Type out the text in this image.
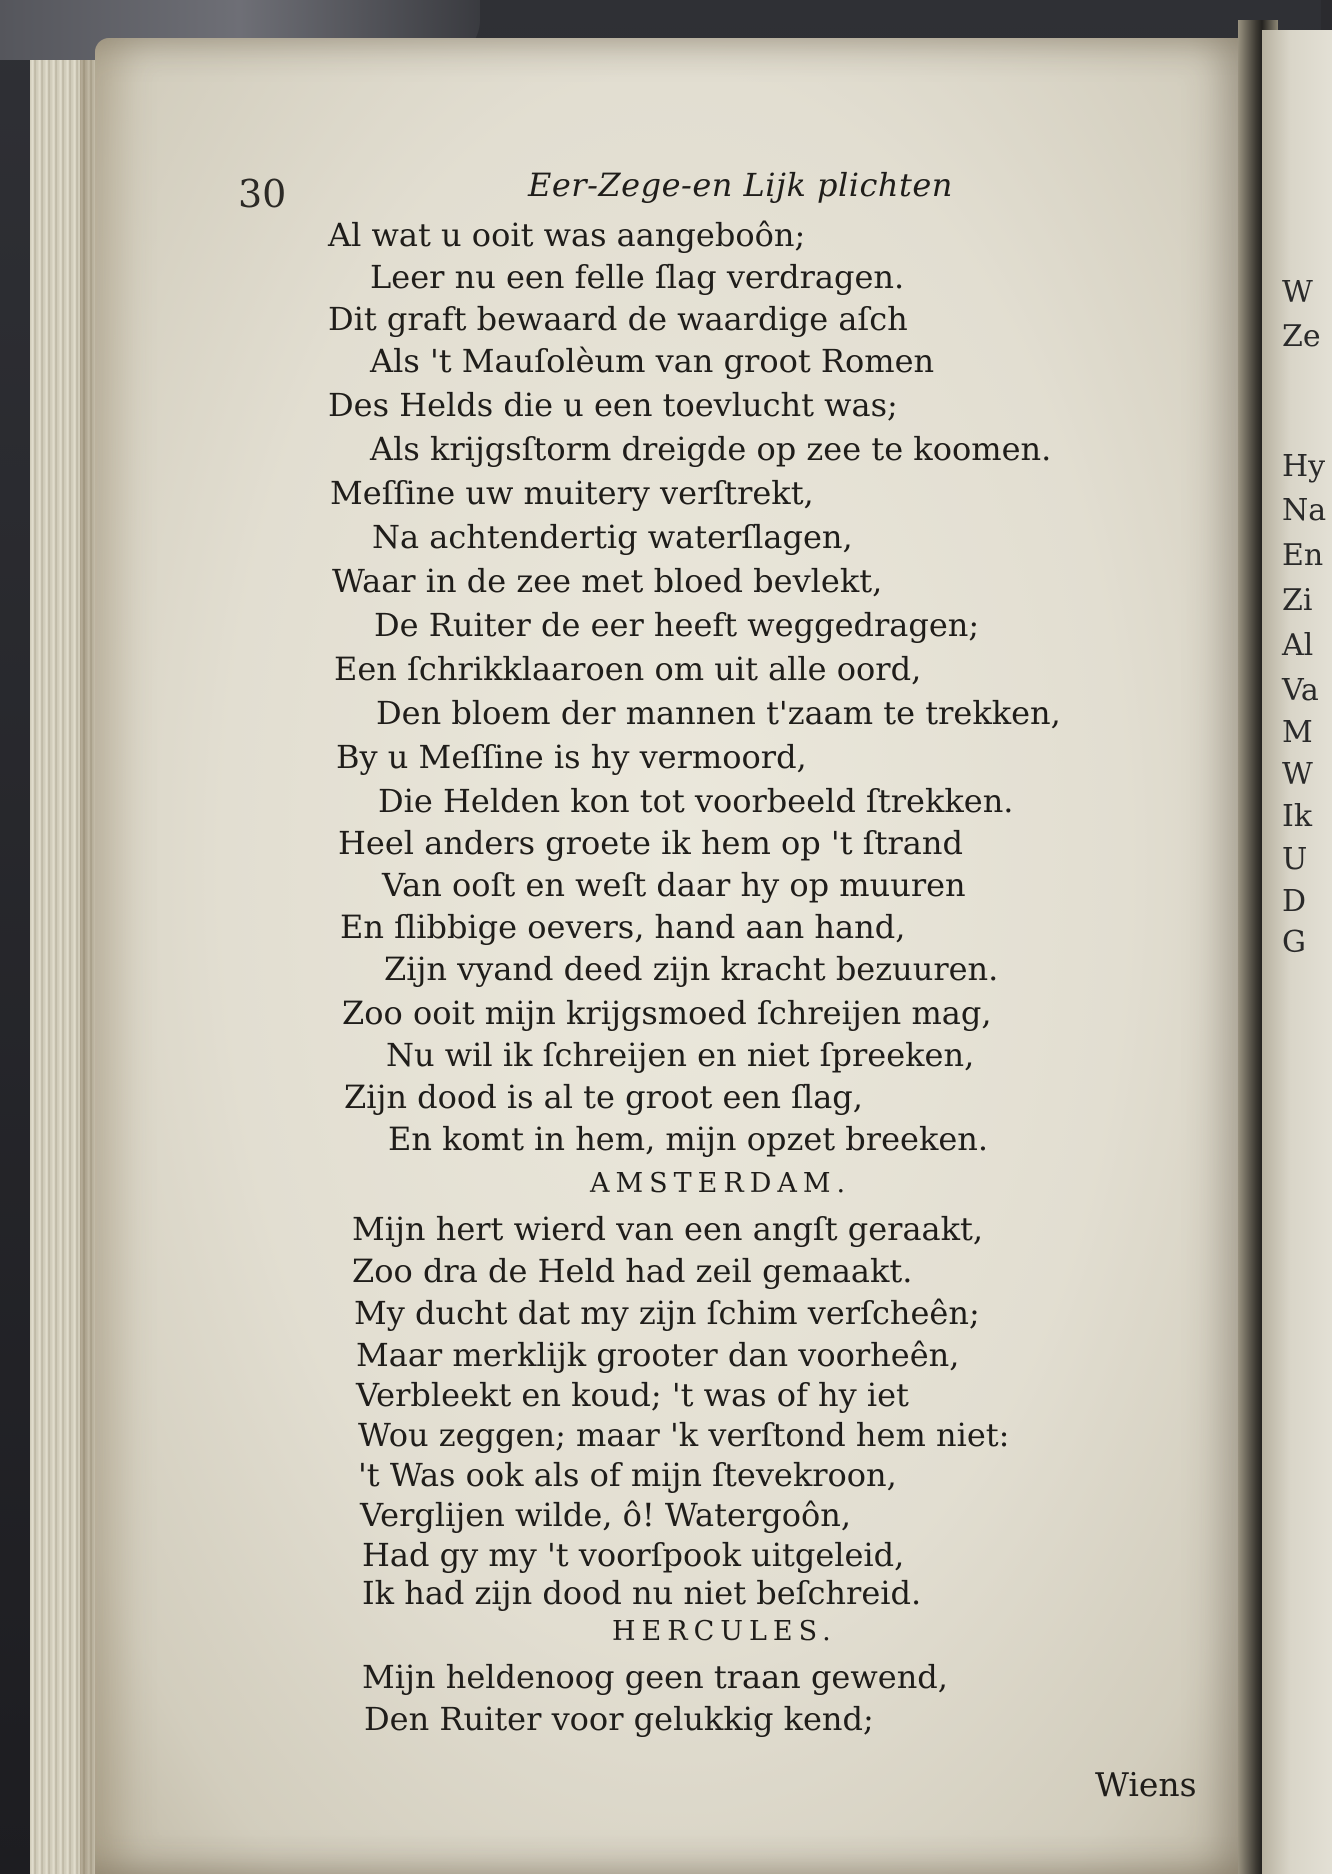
W
Ze
Hy
Na
En
Zi
Al
Va
M
W
Ik
U
D
G
30	Eer-Zege-en Lijk plichten
Al wat u ooit was aangeboôn;
Leer nu een felle ſlag verdragen.
Dit graft bewaard de waardige aſch
Als 't Mauſolèum van groot Romen
Des Helds die u een toevlucht was;
Als krijgsſtorm dreigde op zee te koomen.
Meſſine uw muitery verſtrekt,
Na achtendertig waterſlagen,
Waar in de zee met bloed bevlekt,
De Ruiter de eer heeft weggedragen;
Een ſchrikklaaroen om uit alle oord,
Den bloem der mannen t'zaam te trekken,
By u Meſſine is hy vermoord,
Die Helden kon tot voorbeeld ſtrekken.
Heel anders groete ik hem op 't ſtrand
Van ooſt en weſt daar hy op muuren
En ſlibbige oevers, hand aan hand,
Zijn vyand deed zijn kracht bezuuren.
Zoo ooit mijn krijgsmoed ſchreijen mag,
Nu wil ik ſchreijen en niet ſpreeken,
Zijn dood is al te groot een ſlag,
En komt in hem, mijn opzet breeken.
AMSTERDAM.
Mijn hert wierd van een angſt geraakt,
Zoo dra de Held had zeil gemaakt.
My ducht dat my zijn ſchim verſcheên;
Maar merklijk grooter dan voorheên,
Verbleekt en koud; 't was of hy iet
Wou zeggen; maar 'k verſtond hem niet:
't Was ook als of mijn ſtevekroon,
Verglijen wilde, ô! Watergoôn,
Had gy my 't voorſpook uitgeleid,
Ik had zijn dood nu niet beſchreid.
HERCULES.
Mijn heldenoog geen traan gewend,
Den Ruiter voor gelukkig kend;
Wiens
